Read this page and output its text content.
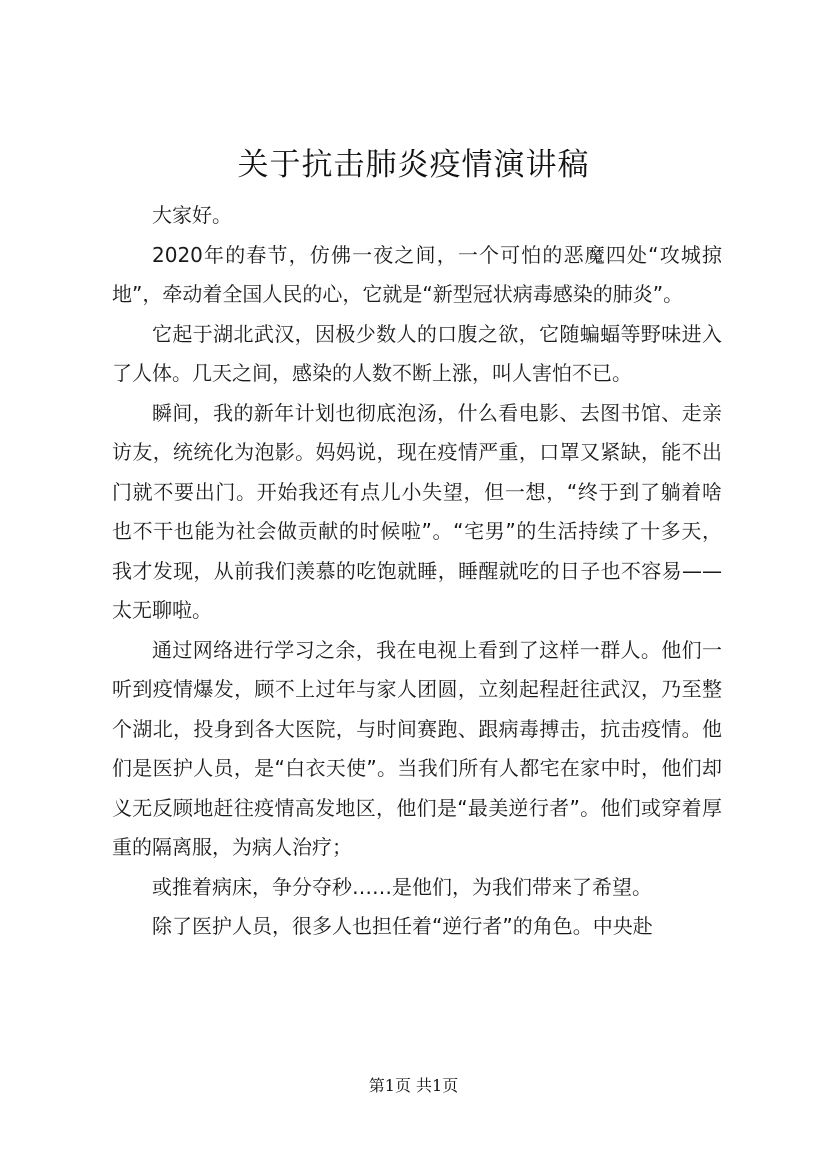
关于抗击肺炎疫情演讲稿

大家好。

2020年的春节，仿佛一夜之间，一个可怕的恶魔四处“攻城掠地”，牵动着全国人民的心，它就是“新型冠状病毒感染的肺炎”。

它起于湖北武汉，因极少数人的口腹之欲，它随蝙蝠等野味进入了人体。几天之间，感染的人数不断上涨，叫人害怕不已。

瞬间，我的新年计划也彻底泡汤，什么看电影、去图书馆、走亲访友，统统化为泡影。妈妈说，现在疫情严重，口罩又紧缺，能不出门就不要出门。开始我还有点儿小失望，但一想，“终于到了躺着啥也不干也能为社会做贡献的时候啦”。“宅男”的生活持续了十多天，我才发现，从前我们羡慕的吃饱就睡，睡醒就吃的日子也不容易——太无聊啦。

通过网络进行学习之余，我在电视上看到了这样一群人。他们一听到疫情爆发，顾不上过年与家人团圆，立刻起程赶往武汉，乃至整个湖北，投身到各大医院，与时间赛跑、跟病毒搏击，抗击疫情。他们是医护人员，是“白衣天使”。当我们所有人都宅在家中时，他们却义无反顾地赶往疫情高发地区，他们是“最美逆行者”。他们或穿着厚重的隔离服，为病人治疗；

或推着病床，争分夺秒……是他们，为我们带来了希望。

除了医护人员，很多人也担任着“逆行者”的角色。中央赴

第1页 共1页
